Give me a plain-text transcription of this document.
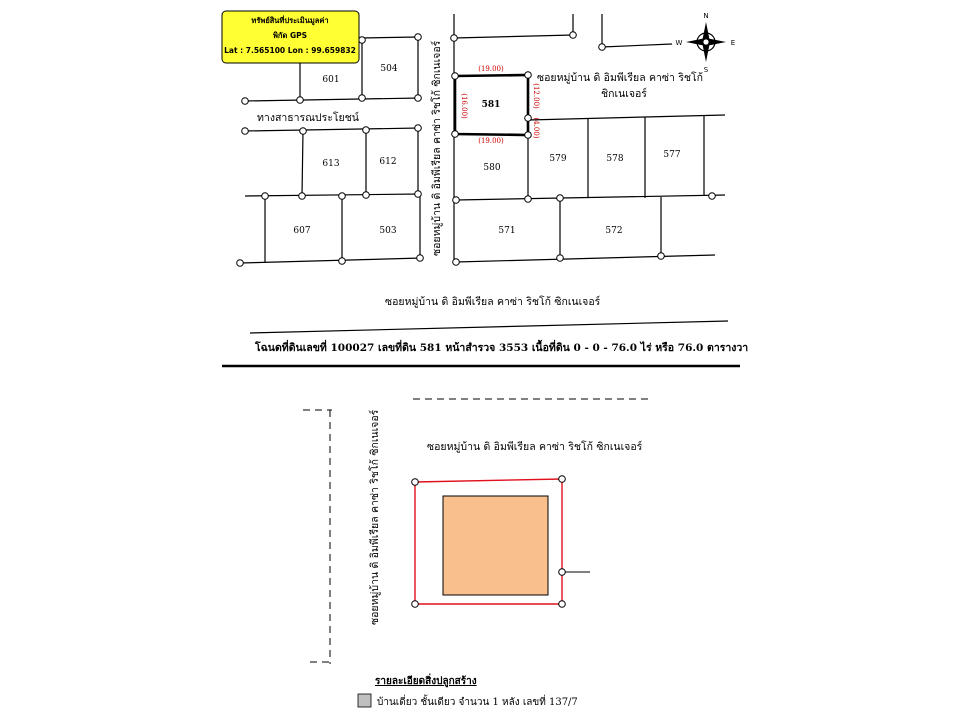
601
504
613	612
607	503
581
580
579	578	577
571	572
(19.00)
(19.00)
(16.00)	(12.00)
(4.00)
ทางสาธารณประโยชน์
ซอยหมู่บ้าน ดิ อิมพีเรียล คาซ่า ริชโก้
ชิกเนเจอร์
ซอยหมู่บ้าน ดิ อิมพีเรียล คาซ่า ริชโก้ ซิกเนเจอร์
ซอยหมู่บ้าน ดิ อิมพีเรียล คาซ่า ริชโก้ ซิกเนเจอร์
โฉนดที่ดินเลขที่ 100027 เลขที่ดิน 581 หน้าสำรวจ 3553 เนื้อที่ดิน 0 - 0 - 76.0 ไร่ หรือ 76.0 ตารางวา
ซอยหมู่บ้าน ดิ อิมพีเรียล คาซ่า ริชโก้ ซิกเนเจอร์
ซอยหมู่บ้าน ดิ อิมพีเรียล คาซ่า ริชโก้ ซิกเนเจอร์
รายละเอียดสิ่งปลูกสร้าง
บ้านเดี่ยว ชั้นเดียว จำนวน 1 หลัง เลขที่ 137/7
ทรัพย์สินที่ประเมินมูลค่า
พิกัด GPS
Lat : 7.565100 Lon : 99.659832
N
S
E
W
